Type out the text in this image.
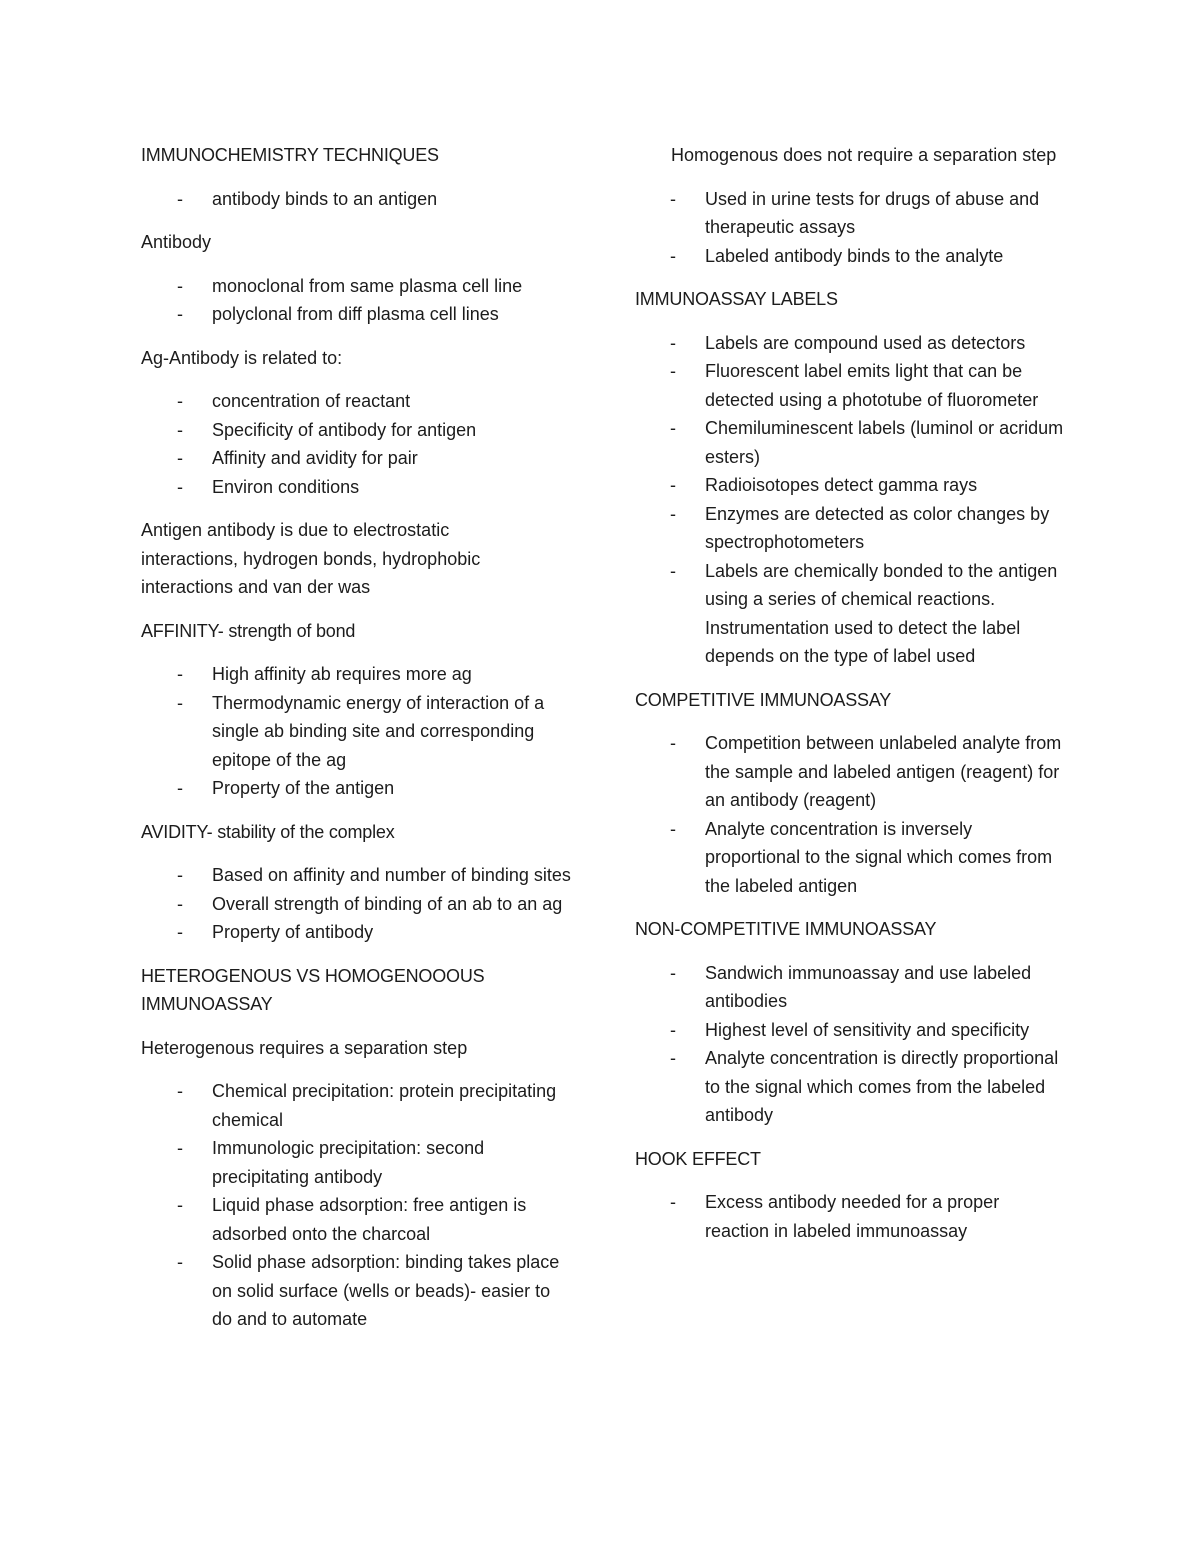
IMMUNOCHEMISTRY TECHNIQUES

- antibody binds to an antigen

Antibody

- monoclonal from same plasma cell line
- polyclonal from diff plasma cell lines

Ag-Antibody is related to:

- concentration of reactant
- Specificity of antibody for antigen
- Affinity and avidity for pair
- Environ conditions

Antigen antibody is due to electrostatic interactions, hydrogen bonds, hydrophobic interactions and van der was

AFFINITY- strength of bond

- High affinity ab requires more ag
- Thermodynamic energy of interaction of a single ab binding site and corresponding epitope of the ag
- Property of the antigen

AVIDITY- stability of the complex

- Based on affinity and number of binding sites
- Overall strength of binding of an ab to an ag
- Property of antibody

HETEROGENOUS VS HOMOGENOOOUS IMMUNOASSAY

Heterogenous requires a separation step

- Chemical precipitation: protein precipitating chemical
- Immunologic precipitation: second precipitating antibody
- Liquid phase adsorption: free antigen is adsorbed onto the charcoal
- Solid phase adsorption: binding takes place on solid surface (wells or beads)- easier to do and to automate

Homogenous does not require a separation step

- Used in urine tests for drugs of abuse and therapeutic assays
- Labeled antibody binds to the analyte

IMMUNOASSAY LABELS

- Labels are compound used as detectors
- Fluorescent label emits light that can be detected using a phototube of fluorometer
- Chemiluminescent labels (luminol or acridum esters)
- Radioisotopes detect gamma rays
- Enzymes are detected as color changes by spectrophotometers
- Labels are chemically bonded to the antigen using a series of chemical reactions. Instrumentation used to detect the label depends on the type of label used

COMPETITIVE IMMUNOASSAY

- Competition between unlabeled analyte from the sample and labeled antigen (reagent) for an antibody (reagent)
- Analyte concentration is inversely proportional to the signal which comes from the labeled antigen

NON-COMPETITIVE IMMUNOASSAY

- Sandwich immunoassay and use labeled antibodies
- Highest level of sensitivity and specificity
- Analyte concentration is directly proportional to the signal which comes from the labeled antibody

HOOK EFFECT

- Excess antibody needed for a proper reaction in labeled immunoassay
